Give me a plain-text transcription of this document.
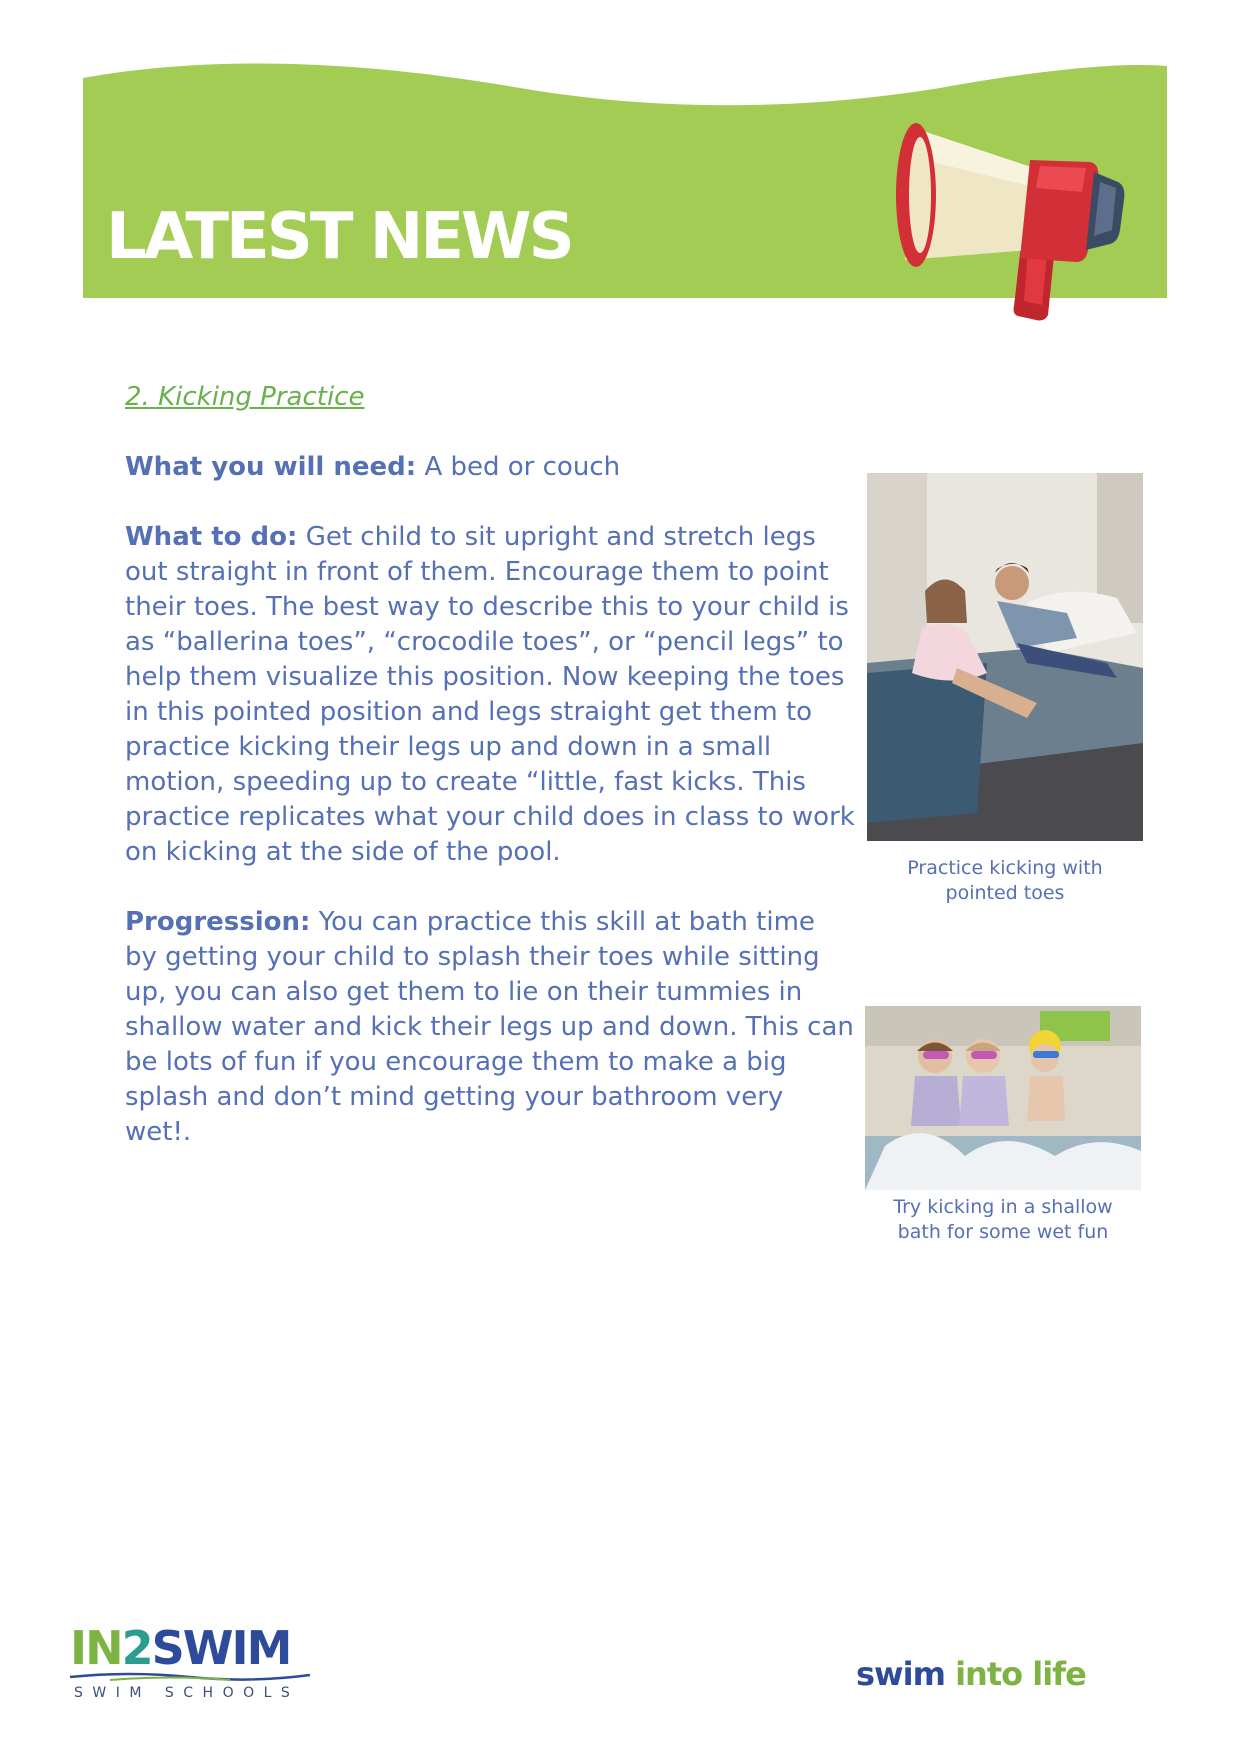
LATEST NEWS
2. Kicking Practice

What you will need: A bed or couch

What to do: Get child to sit upright and stretch legs out straight in front of them. Encourage them to point their toes. The best way to describe this to your child is as “ballerina toes”, “crocodile toes”, or “pencil legs” to help them visualize this position. Now keeping the toes in this pointed position and legs straight get them to practice kicking their legs up and down in a small motion, speeding up to create “little, fast kicks. This practice replicates what your child does in class to work on kicking at the side of the pool.

Progression: You can practice this skill at bath time by getting your child to splash their toes while sitting up, you can also get them to lie on their tummies in shallow water and kick their legs up and down. This can be lots of fun if you encourage them to make a big splash and don’t mind getting your bathroom very wet!.

Practice kicking with
pointed toes
Try kicking in a shallow
bath for some wet fun
IN2SWIM
SWIM SCHOOLS	swim into life
